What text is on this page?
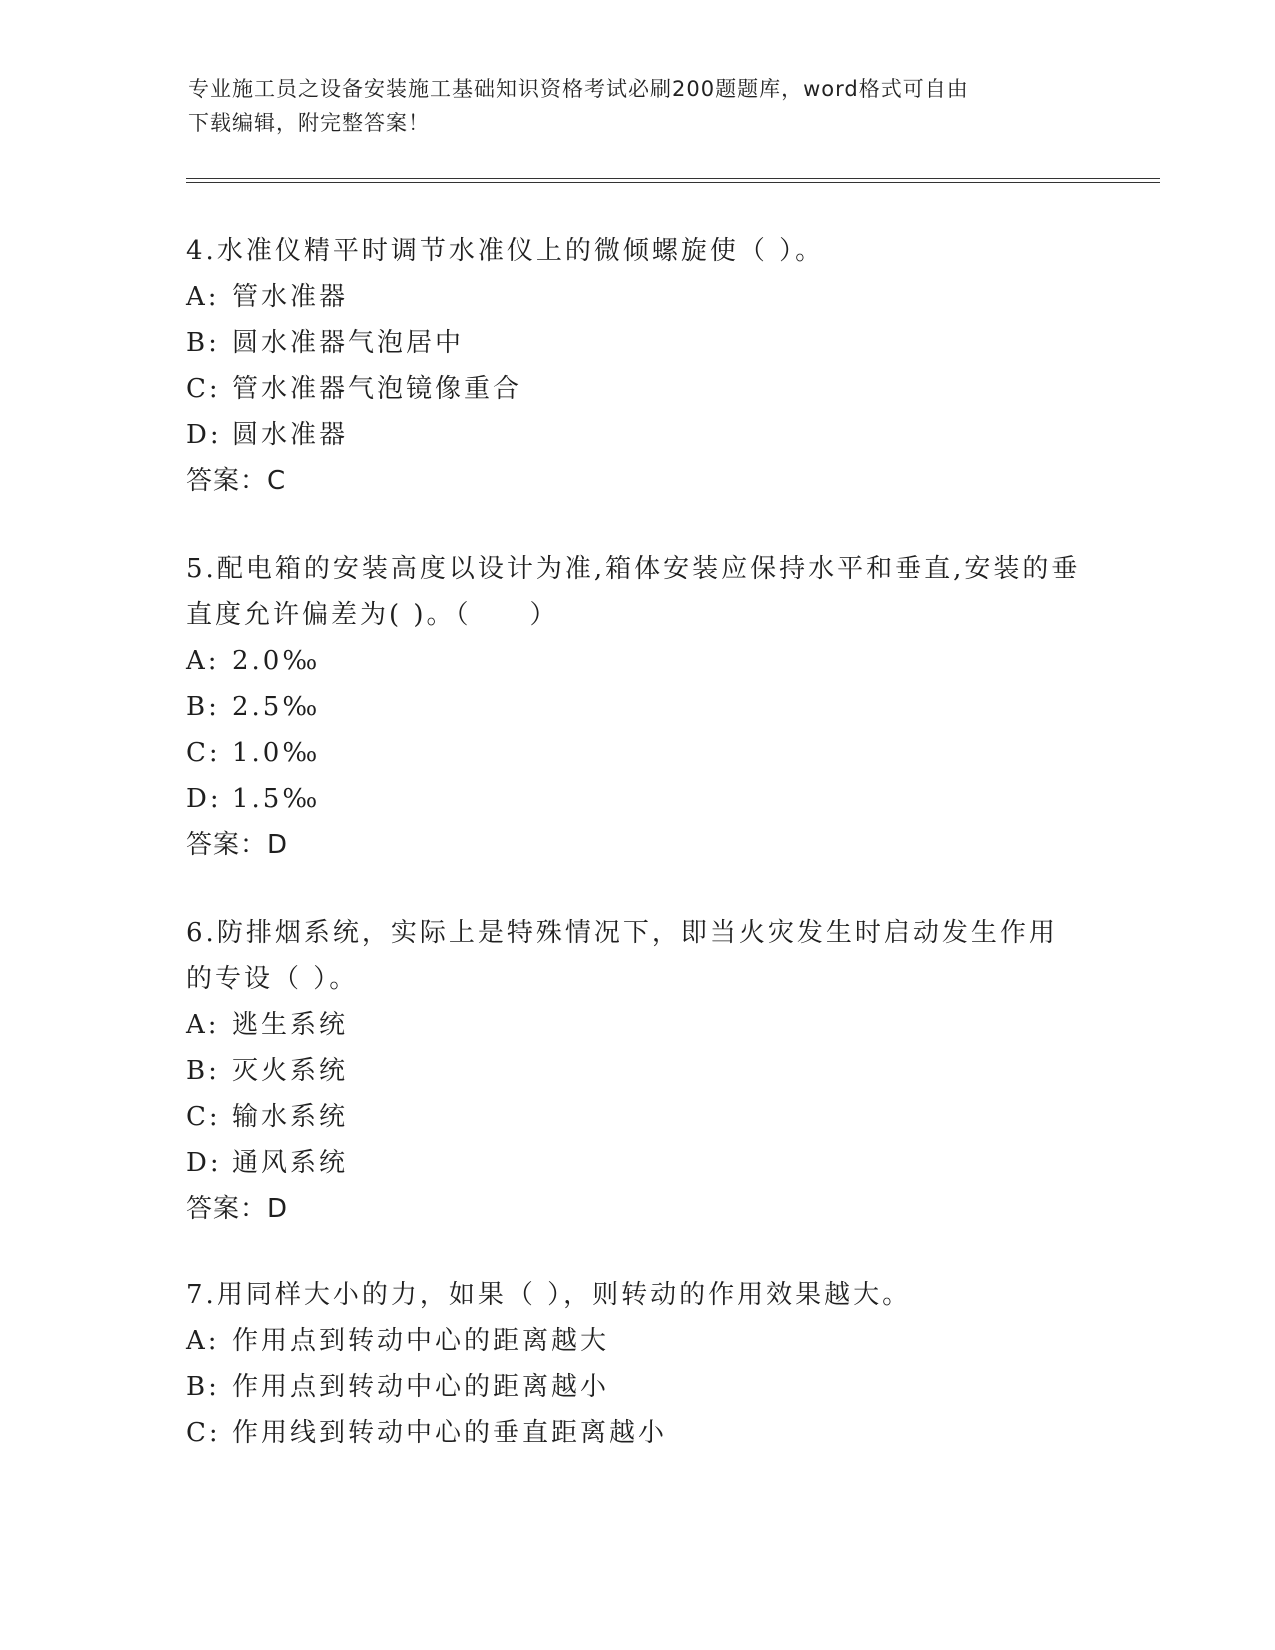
专业施工员之设备安装施工基础知识资格考试必刷200题题库，word格式可自由
下载编辑，附完整答案！

4.水准仪精平时调节水准仪上的微倾螺旋使（ ）。

A: 管水准器

B: 圆水准器气泡居中

C: 管水准器气泡镜像重合

D: 圆水准器

答案：C

5.配电箱的安装高度以设计为准,箱体安装应保持水平和垂直,安装的垂直度允许偏差为( )。（　　）

A: 2.0‰

B: 2.5‰

C: 1.0‰

D: 1.5‰

答案：D

6.防排烟系统，实际上是特殊情况下，即当火灾发生时启动发生作用的专设（ ）。

A: 逃生系统

B: 灭火系统

C: 输水系统

D: 通风系统

答案：D

7.用同样大小的力，如果（ ），则转动的作用效果越大。

A: 作用点到转动中心的距离越大

B: 作用点到转动中心的距离越小

C: 作用线到转动中心的垂直距离越小
